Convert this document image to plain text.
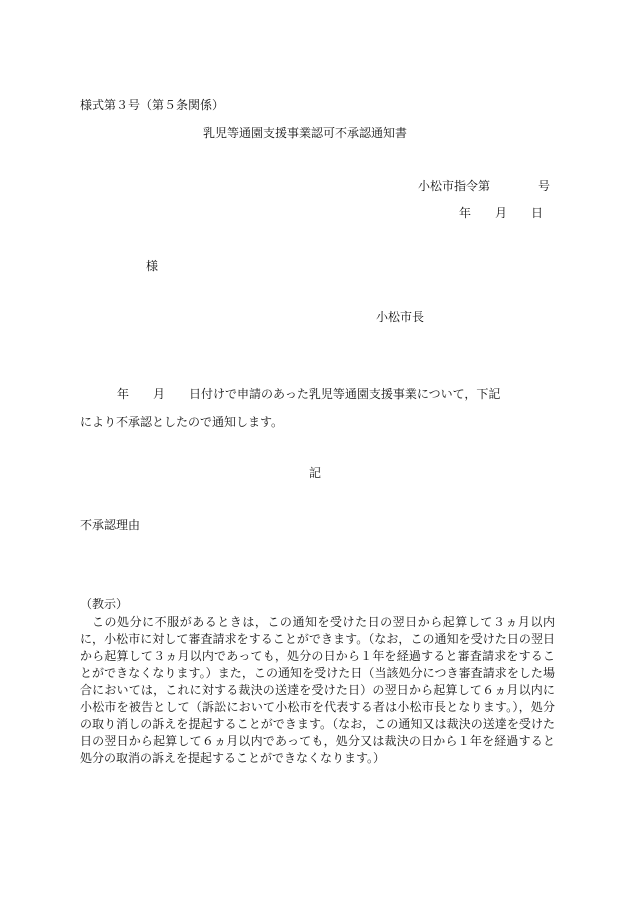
様式第３号（第５条関係）
乳児等通園支援事業認可不承認通知書
小松市指令第　　　　号
年　　月　　日
様
小松市長
年　　月　　日付けで申請のあった乳児等通園支援事業について，下記
により不承認としたので通知します。
記
不承認理由
（教示）
この処分に不服があるときは，この通知を受けた日の翌日から起算して３ヵ月以内に，小松市に対して審査請求をすることができます。（なお，この通知を受けた日の翌日から起算して３ヵ月以内であっても，処分の日から１年を経過すると審査請求をすることができなくなります。）また，この通知を受けた日（当該処分につき審査請求をした場合においては，これに対する裁決の送達を受けた日）の翌日から起算して６ヵ月以内に小松市を被告として（訴訟において小松市を代表する者は小松市長となります。），処分の取り消しの訴えを提起することができます。（なお，この通知又は裁決の送達を受けた日の翌日から起算して６ヵ月以内であっても，処分又は裁決の日から１年を経過すると処分の取消の訴えを提起することができなくなります。）
